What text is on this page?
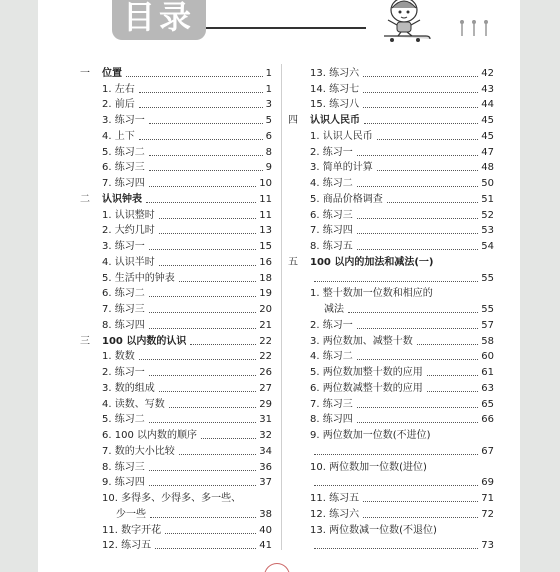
目录
一	位置	1
1. 左右	1
2. 前后	3
3. 练习一	5
4. 上下	6
5. 练习二	8
6. 练习三	9
7. 练习四	10
二	认识钟表	11
1. 认识整时	11
2. 大约几时	13
3. 练习一	15
4. 认识半时	16
5. 生活中的钟表	18
6. 练习二	19
7. 练习三	20
8. 练习四	21
三	100 以内数的认识	22
1. 数数	22
2. 练习一	26
3. 数的组成	27
4. 读数、写数	29
5. 练习二	31
6. 100 以内数的顺序	32
7. 数的大小比较	34
8. 练习三	36
9. 练习四	37
10. 多得多、少得多、多一些、
少一些	38
11. 数字开花	40
12. 练习五	41
13. 练习六	42
14. 练习七	43
15. 练习八	44
四	认识人民币	45
1. 认识人民币	45
2. 练习一	47
3. 简单的计算	48
4. 练习二	50
5. 商品价格调查	51
6. 练习三	52
7. 练习四	53
8. 练习五	54
五	100 以内的加法和减法(一)
55
1. 整十数加一位数和相应的
减法	55
2. 练习一	57
3. 两位数加、减整十数	58
4. 练习二	60
5. 两位数加整十数的应用	61
6. 两位数减整十数的应用	63
7. 练习三	65
8. 练习四	66
9. 两位数加一位数(不进位)
67
10. 两位数加一位数(进位)
69
11. 练习五	71
12. 练习六	72
13. 两位数减一位数(不退位)
73
